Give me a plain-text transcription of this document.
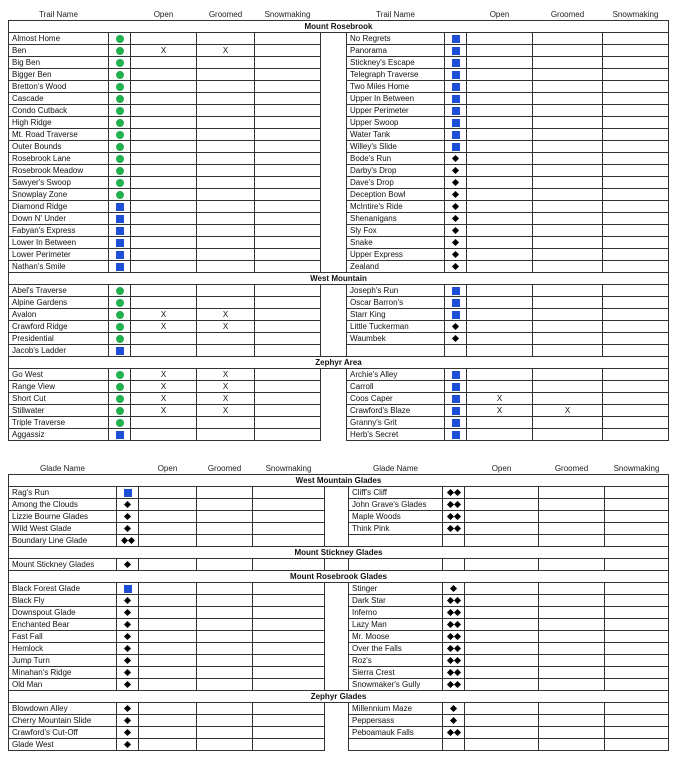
Trail Name		Open	Groomed	Snowmaking		Trail Name		Open	Groomed	Snowmaking
Mount Rosebrook										
Almost Home						No Regrets				
Ben		X	X			Panorama				
Big Ben						Stickney's Escape				
Bigger Ben						Telegraph Traverse				
Bretton's Wood						Two Miles Home				
Cascade						Upper In Between				
Condo Cutback						Upper Perimeter				
High Ridge						Upper Swoop				
Mt. Road Traverse						Water Tank				
Outer Bounds						Willey's Slide				
Rosebrook Lane						Bode's Run				
Rosebrook Meadow						Darby's Drop				
Sawyer's Swoop						Dave's Drop				
Snowplay Zone						Deception Bowl				
Diamond Ridge						McIntire's Ride				
Down N' Under						Shenanigans				
Fabyan's Express						Sly Fox				
Lower In Between						Snake				
Lower Perimeter						Upper Express				
Nathan's Smile						Zealand				
West Mountain										
Abel's Traverse						Joseph's Run				
Alpine Gardens						Oscar Barron's				
Avalon		X	X			Starr King				
Crawford Ridge		X	X			Little Tuckerman				
Presidential						Waumbek				
Jacob's Ladder										
Zephyr Area										
Go West		X	X			Archie's Alley				
Range View		X	X			Carroll				
Short Cut		X	X			Coos Caper		X		
Stillwater		X	X			Crawford's Blaze		X	X	
Triple Traverse						Granny's Grit				
Aggassiz						Herb's Secret				
Glade Name		Open	Groomed	Snowmaking		Glade Name		Open	Groomed	Snowmaking
West Mountain Glades										
Rag's Run						Cliff's Cliff				
Among the Clouds						John Grave's Glades				
Lizzie Bourne Glades						Maple Woods				
Wild West Glade						Think Pink				
Boundary Line Glade										
Mount Stickney Glades										
Mount Stickney Glades										
Mount Rosebrook Glades										
Black Forest Glade						Stinger				
Black Fly						Dark Star				
Downspout Glade						Inferno				
Enchanted Bear						Lazy Man				
Fast Fall						Mr. Moose				
Hemlock						Over the Falls				
Jump Turn						Roz's				
Minahan's Ridge						Sierra Crest				
Old Man						Snowmaker's Gully				
Zephyr Glades										
Blowdown Alley						Millennium Maze				
Cherry Mountain Slide						Peppersass				
Crawford's Cut-Off						Peboamauk Falls				
Glade West										
